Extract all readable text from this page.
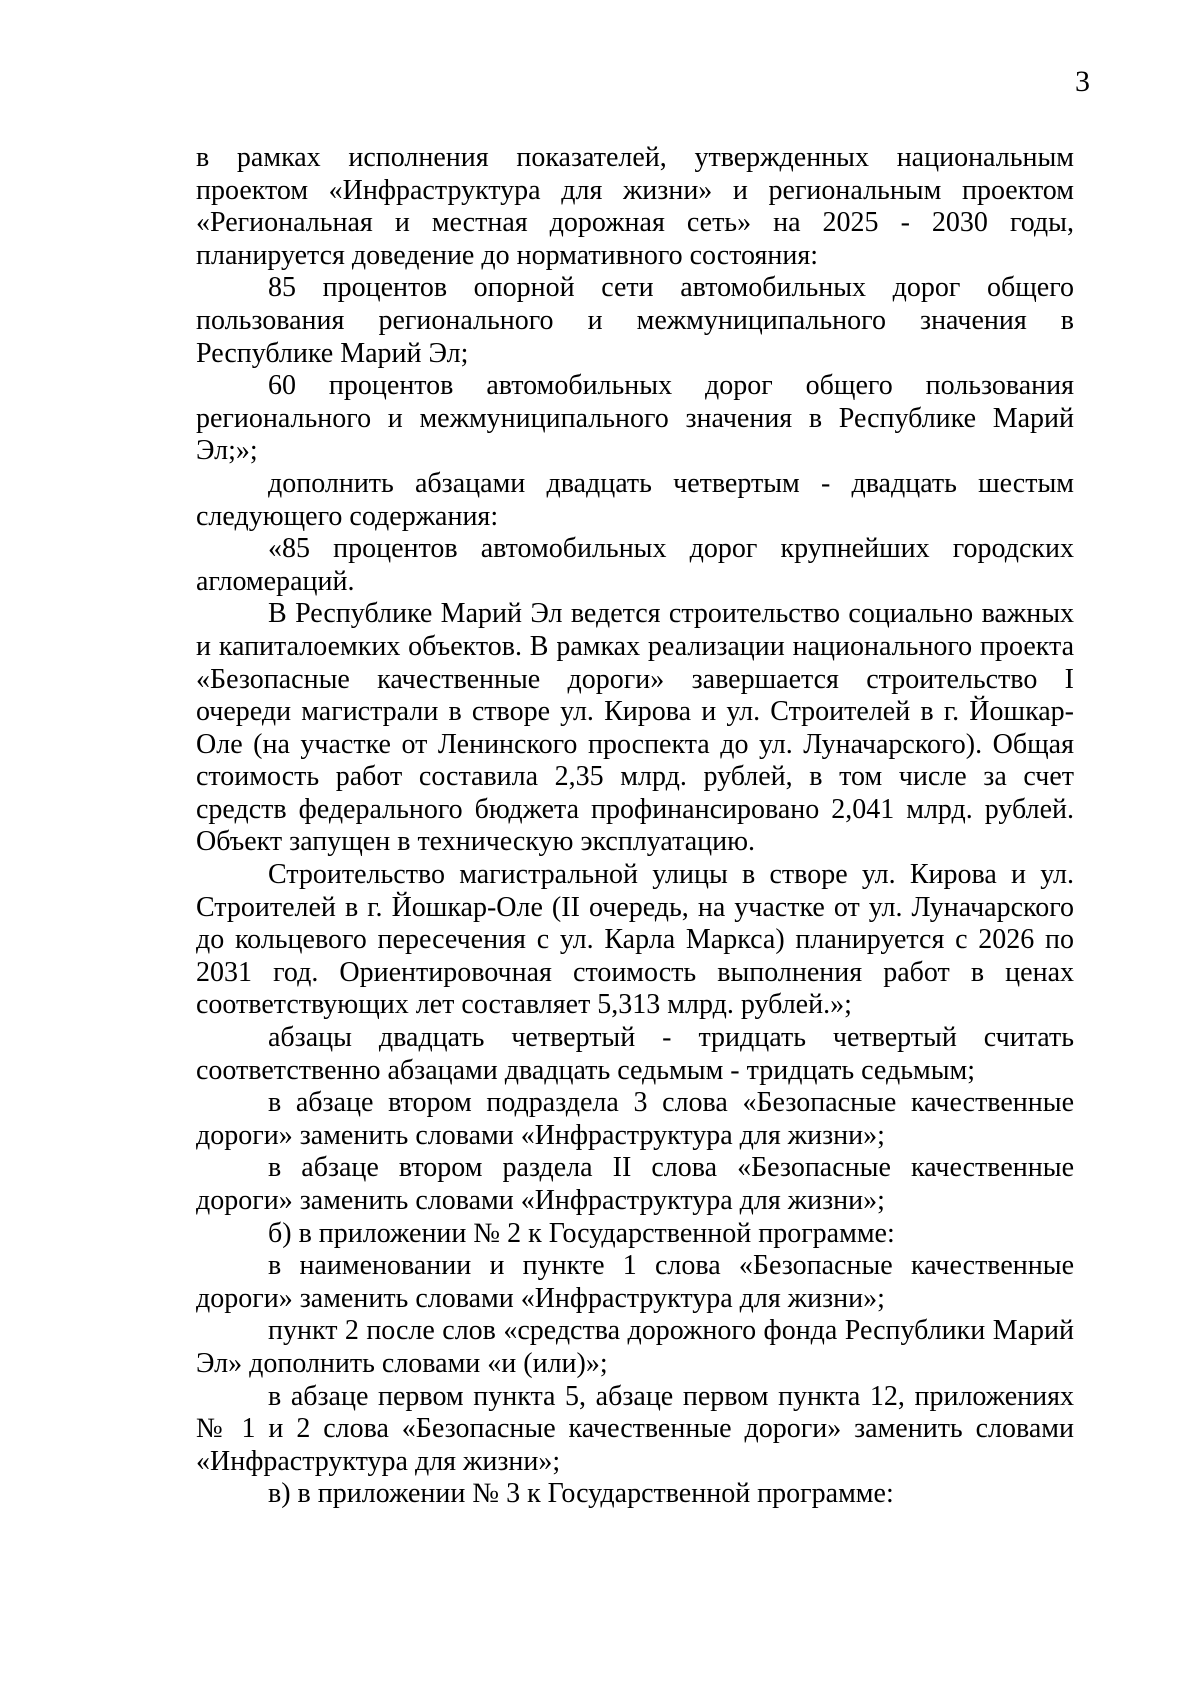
3

в рамках исполнения показателей, утвержденных национальным проектом «Инфраструктура для жизни» и региональным проектом «Региональная и местная дорожная сеть» на 2025 - 2030 годы, планируется доведение до нормативного состояния:

85 процентов опорной сети автомобильных дорог общего пользования регионального и межмуниципального значения в Республике Марий Эл;

60 процентов автомобильных дорог общего пользования регионального и межмуниципального значения в Республике Марий Эл;»;

дополнить абзацами двадцать четвертым - двадцать шестым следующего содержания:

«85 процентов автомобильных дорог крупнейших городских агломераций.

В Республике Марий Эл ведется строительство социально важных и капиталоемких объектов. В рамках реализации национального проекта «Безопасные качественные дороги» завершается строительство I очереди магистрали в створе ул. Кирова и ул. Строителей в г. Йошкар-Оле (на участке от Ленинского проспекта до ул. Луначарского). Общая стоимость работ составила 2,35 млрд. рублей, в том числе за счет средств федерального бюджета профинансировано 2,041 млрд. рублей. Объект запущен в техническую эксплуатацию.

Строительство магистральной улицы в створе ул. Кирова и ул. Строителей в г. Йошкар-Оле (II очередь, на участке от ул. Луначарского до кольцевого пересечения с ул. Карла Маркса) планируется с 2026 по 2031 год. Ориентировочная стоимость выполнения работ в ценах соответствующих лет составляет 5,313 млрд. рублей.»;

абзацы двадцать четвертый - тридцать четвертый считать соответственно абзацами двадцать седьмым - тридцать седьмым;

в абзаце втором подраздела 3 слова «Безопасные качественные дороги» заменить словами «Инфраструктура для жизни»;

в абзаце втором раздела II слова «Безопасные качественные дороги» заменить словами «Инфраструктура для жизни»;

б) в приложении № 2 к Государственной программе:

в наименовании и пункте 1 слова «Безопасные качественные дороги» заменить словами «Инфраструктура для жизни»;

пункт 2 после слов «средства дорожного фонда Республики Марий Эл» дополнить словами «и (или)»;

в абзаце первом пункта 5, абзаце первом пункта 12, приложениях № 1 и 2 слова «Безопасные качественные дороги» заменить словами «Инфраструктура для жизни»;

в) в приложении № 3 к Государственной программе:
